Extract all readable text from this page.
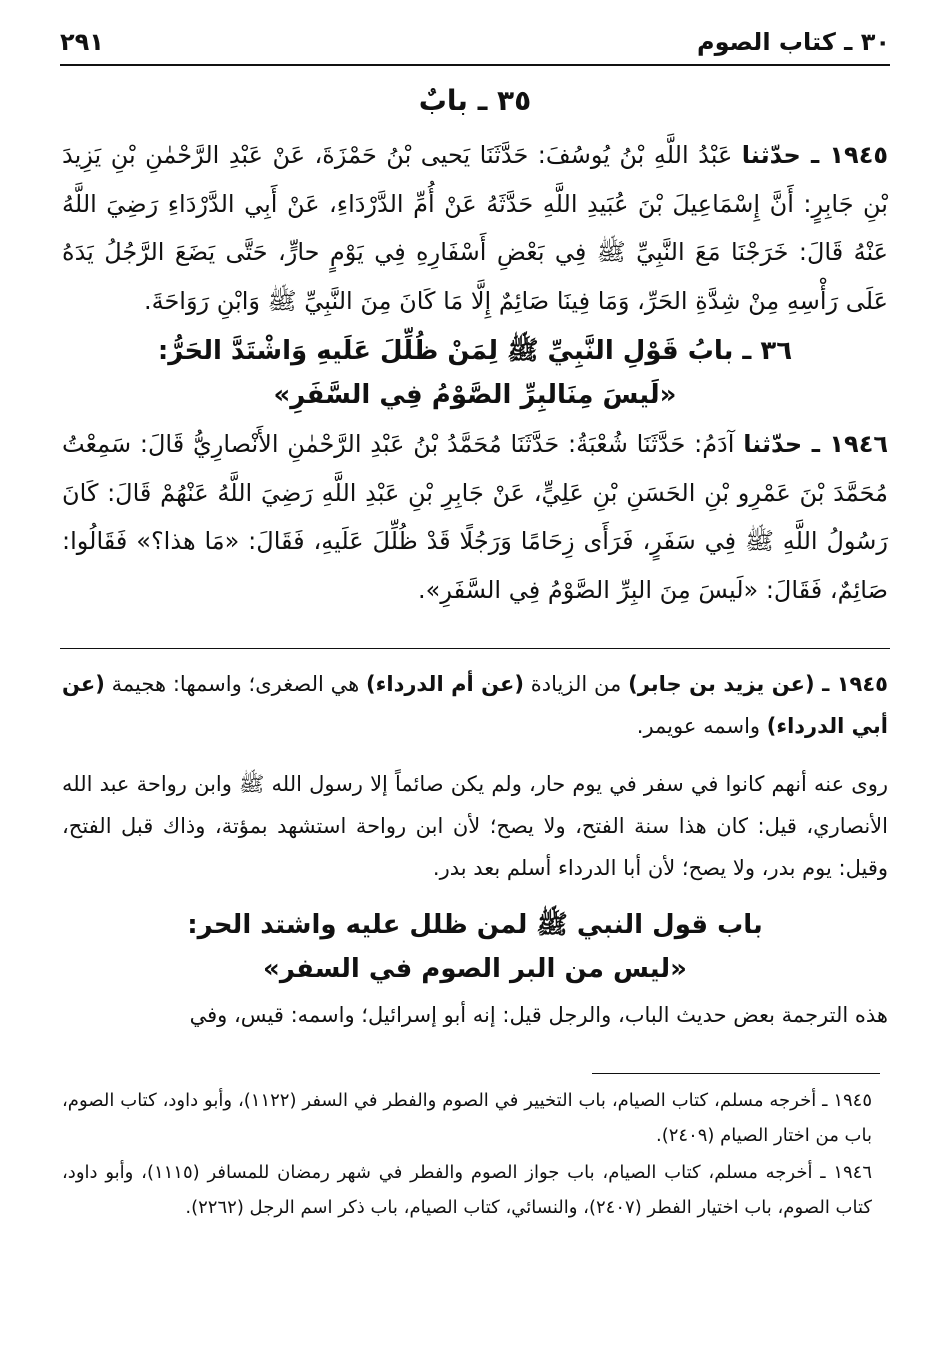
٣٠ ـ كتاب الصوم
٢٩١
٣٥ ـ بابٌ
١٩٤٥ ـ حدّثنا عَبْدُ اللَّهِ بْنُ يُوسُفَ: حَدَّثَنَا يَحيى بْنُ حَمْزَةَ، عَنْ عَبْدِ الرَّحْمٰنِ بْنِ يَزِيدَ بْنِ جَابِرٍ: أَنَّ إِسْمَاعِيلَ بْنَ عُبَيدِ اللَّهِ حَدَّثَهُ عَنْ أُمِّ الدَّرْدَاءِ، عَنْ أَبِي الدَّرْدَاءِ رَضِيَ اللَّهُ عَنْهُ قَالَ: خَرَجْنَا مَعَ النَّبِيِّ ﷺ فِي بَعْضِ أَسْفَارِهِ فِي يَوْمٍ حارٍّ، حَتَّى يَضَعَ الرَّجُلُ يَدَهُ عَلَى رَأْسِهِ مِنْ شِدَّةِ الحَرِّ، وَمَا فِينَا صَائِمٌ إِلَّا مَا كَانَ مِنَ النَّبِيِّ ﷺ وَابْنِ رَوَاحَةَ.
٣٦ ـ بابُ قَوْلِ النَّبِيِّ ﷺ لِمَنْ ظُلِّلَ عَلَيهِ وَاشْتَدَّ الحَرُّ:
«لَيسَ مِنَالبِرِّ الصَّوْمُ فِي السَّفَرِ»
١٩٤٦ ـ حدّثنا آدَمُ: حَدَّثَنَا شُعْبَةُ: حَدَّثَنَا مُحَمَّدُ بْنُ عَبْدِ الرَّحْمٰنِ الأَنْصارِيُّ قَالَ: سَمِعْتُ مُحَمَّدَ بْنَ عَمْرِو بْنِ الحَسَنِ بْنِ عَلِيٍّ، عَنْ جَابِرِ بْنِ عَبْدِ اللَّهِ رَضِيَ اللَّهُ عَنْهُمْ قَالَ: كَانَ رَسُولُ اللَّهِ ﷺ فِي سَفَرٍ، فَرَأَى زِحَامًا وَرَجُلًا قَدْ ظُلِّلَ عَلَيهِ، فَقَالَ: «مَا هذا؟» فَقَالُوا: صَائِمٌ، فَقَالَ: «لَيسَ مِنَ البِرِّ الصَّوْمُ فِي السَّفَرِ».
١٩٤٥ ـ (عن يزيد بن جابر) من الزيادة (عن أم الدرداء) هي الصغرى؛ واسمها: هجيمة (عن أبي الدرداء) واسمه عويمر.
روى عنه أنهم كانوا في سفر في يوم حار، ولم يكن صائماً إلا رسول الله ﷺ وابن رواحة عبد الله الأنصاري، قيل: كان هذا سنة الفتح، ولا يصح؛ لأن ابن رواحة استشهد بمؤتة، وذاك قبل الفتح، وقيل: يوم بدر، ولا يصح؛ لأن أبا الدرداء أسلم بعد بدر.
باب قول النبي ﷺ لمن ظلل عليه واشتد الحر:
«ليس من البر الصوم في السفر»
هذه الترجمة بعض حديث الباب، والرجل قيل: إنه أبو إسرائيل؛ واسمه: قيس، وفي
١٩٤٥ ـ أخرجه مسلم، كتاب الصيام، باب التخيير في الصوم والفطر في السفر (١١٢٢)، وأبو داود، كتاب الصوم، باب من اختار الصيام (٢٤٠٩).
١٩٤٦ ـ أخرجه مسلم، كتاب الصيام، باب جواز الصوم والفطر في شهر رمضان للمسافر (١١١٥)، وأبو داود، كتاب الصوم، باب اختيار الفطر (٢٤٠٧)، والنسائي، كتاب الصيام، باب ذكر اسم الرجل (٢٢٦٢).
